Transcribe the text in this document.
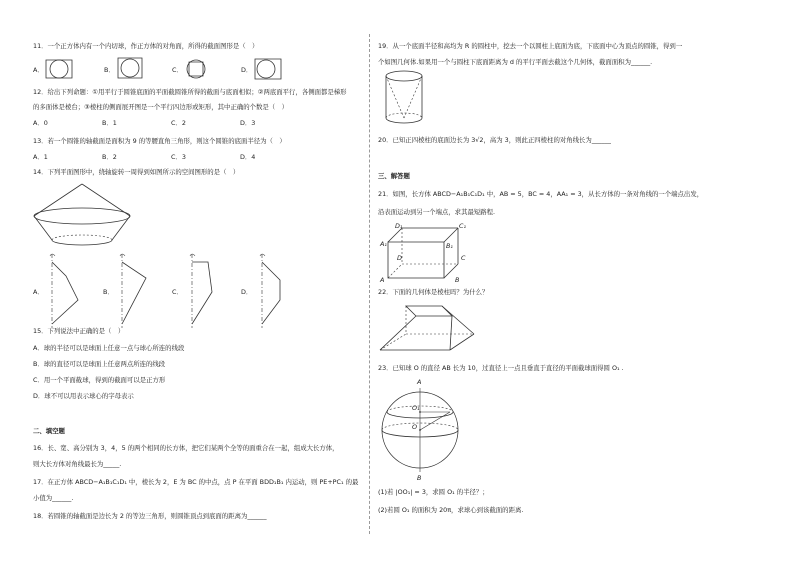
11．一个正方体内有一个内切球，作正方体的对角面，所得的截面图形是（　）
A．	B．	C．	D．
12．给出下列命题：①用平行于圆锥底面的平面截圆锥所得的截面与底面相似；②两底面平行，各侧面都是梯形
的多面体是棱台；③棱柱的侧面展开图是一个平行四边形或矩形，其中正确的个数是（　）
A．0	B．1	C．2	D．3
13．若一个圆锥的轴截面是面积为 9 的等腰直角三角形，则这个圆锥的底面半径为（　）
A．1	B．2	C．3	D．4
14．下列平面图形中，绕轴旋转一周得到如图所示的空间图形的是（　）
A．	B．	C．	D．
15．下列说法中正确的是（　）
A．球的半径可以是球面上任意一点与球心所连的线段
B．球的直径可以是球面上任意两点所连的线段
C．用一个平面截球，得到的截面可以是正方形
D．球不可以用表示球心的字母表示
二、填空题
16．长、宽、高分别为 3，4，5 的两个相同的长方体，把它们某两个全等的面重合在一起，组成大长方体，
则大长方体对角线最长为_____.
17．在正方体 ABCD−A₁B₁C₁D₁ 中，棱长为 2，E 为 BC 的中点，点 P 在平面 BDD₁B₁ 内运动，则 PE+PC₁ 的最
小值为______.
18．若圆锥的轴截面是边长为 2 的等边三角形，则圆锥顶点到底面的距离为______
19．从一个底面半径和高均为 R 的圆柱中，挖去一个以圆柱上底面为底，下底面中心为顶点的圆锥，得到一
个如图几何体.如果用一个与圆柱下底面距离为 d 的平行平面去截这个几何体，截面面积为______.
20．已知正四棱柱的底面边长为 3√2，高为 3，则此正四棱柱的对角线长为______
三、解答题
21．如图，长方体 ABCD−A₁B₁C₁D₁ 中，AB = 5，BC = 4，AA₁ = 3，从长方体的一条对角线的一个端点出发，
沿表面运动到另一个端点，求其最短路程.
D₁	C₁
A₁	B₁
D	C
A	B
22．下面的几何体是棱柱吗？为什么？
23．已知球 O 的直径 AB 长为 10，过直径上一点且垂直于直径的平面截球面得圆 O₁ .
A
O₁
O
B
(1)若 |OO₁| = 3，求圆 O₁ 的半径？；
(2)若圆 O₁ 的面积为 20π，求球心到该截面的距离.
